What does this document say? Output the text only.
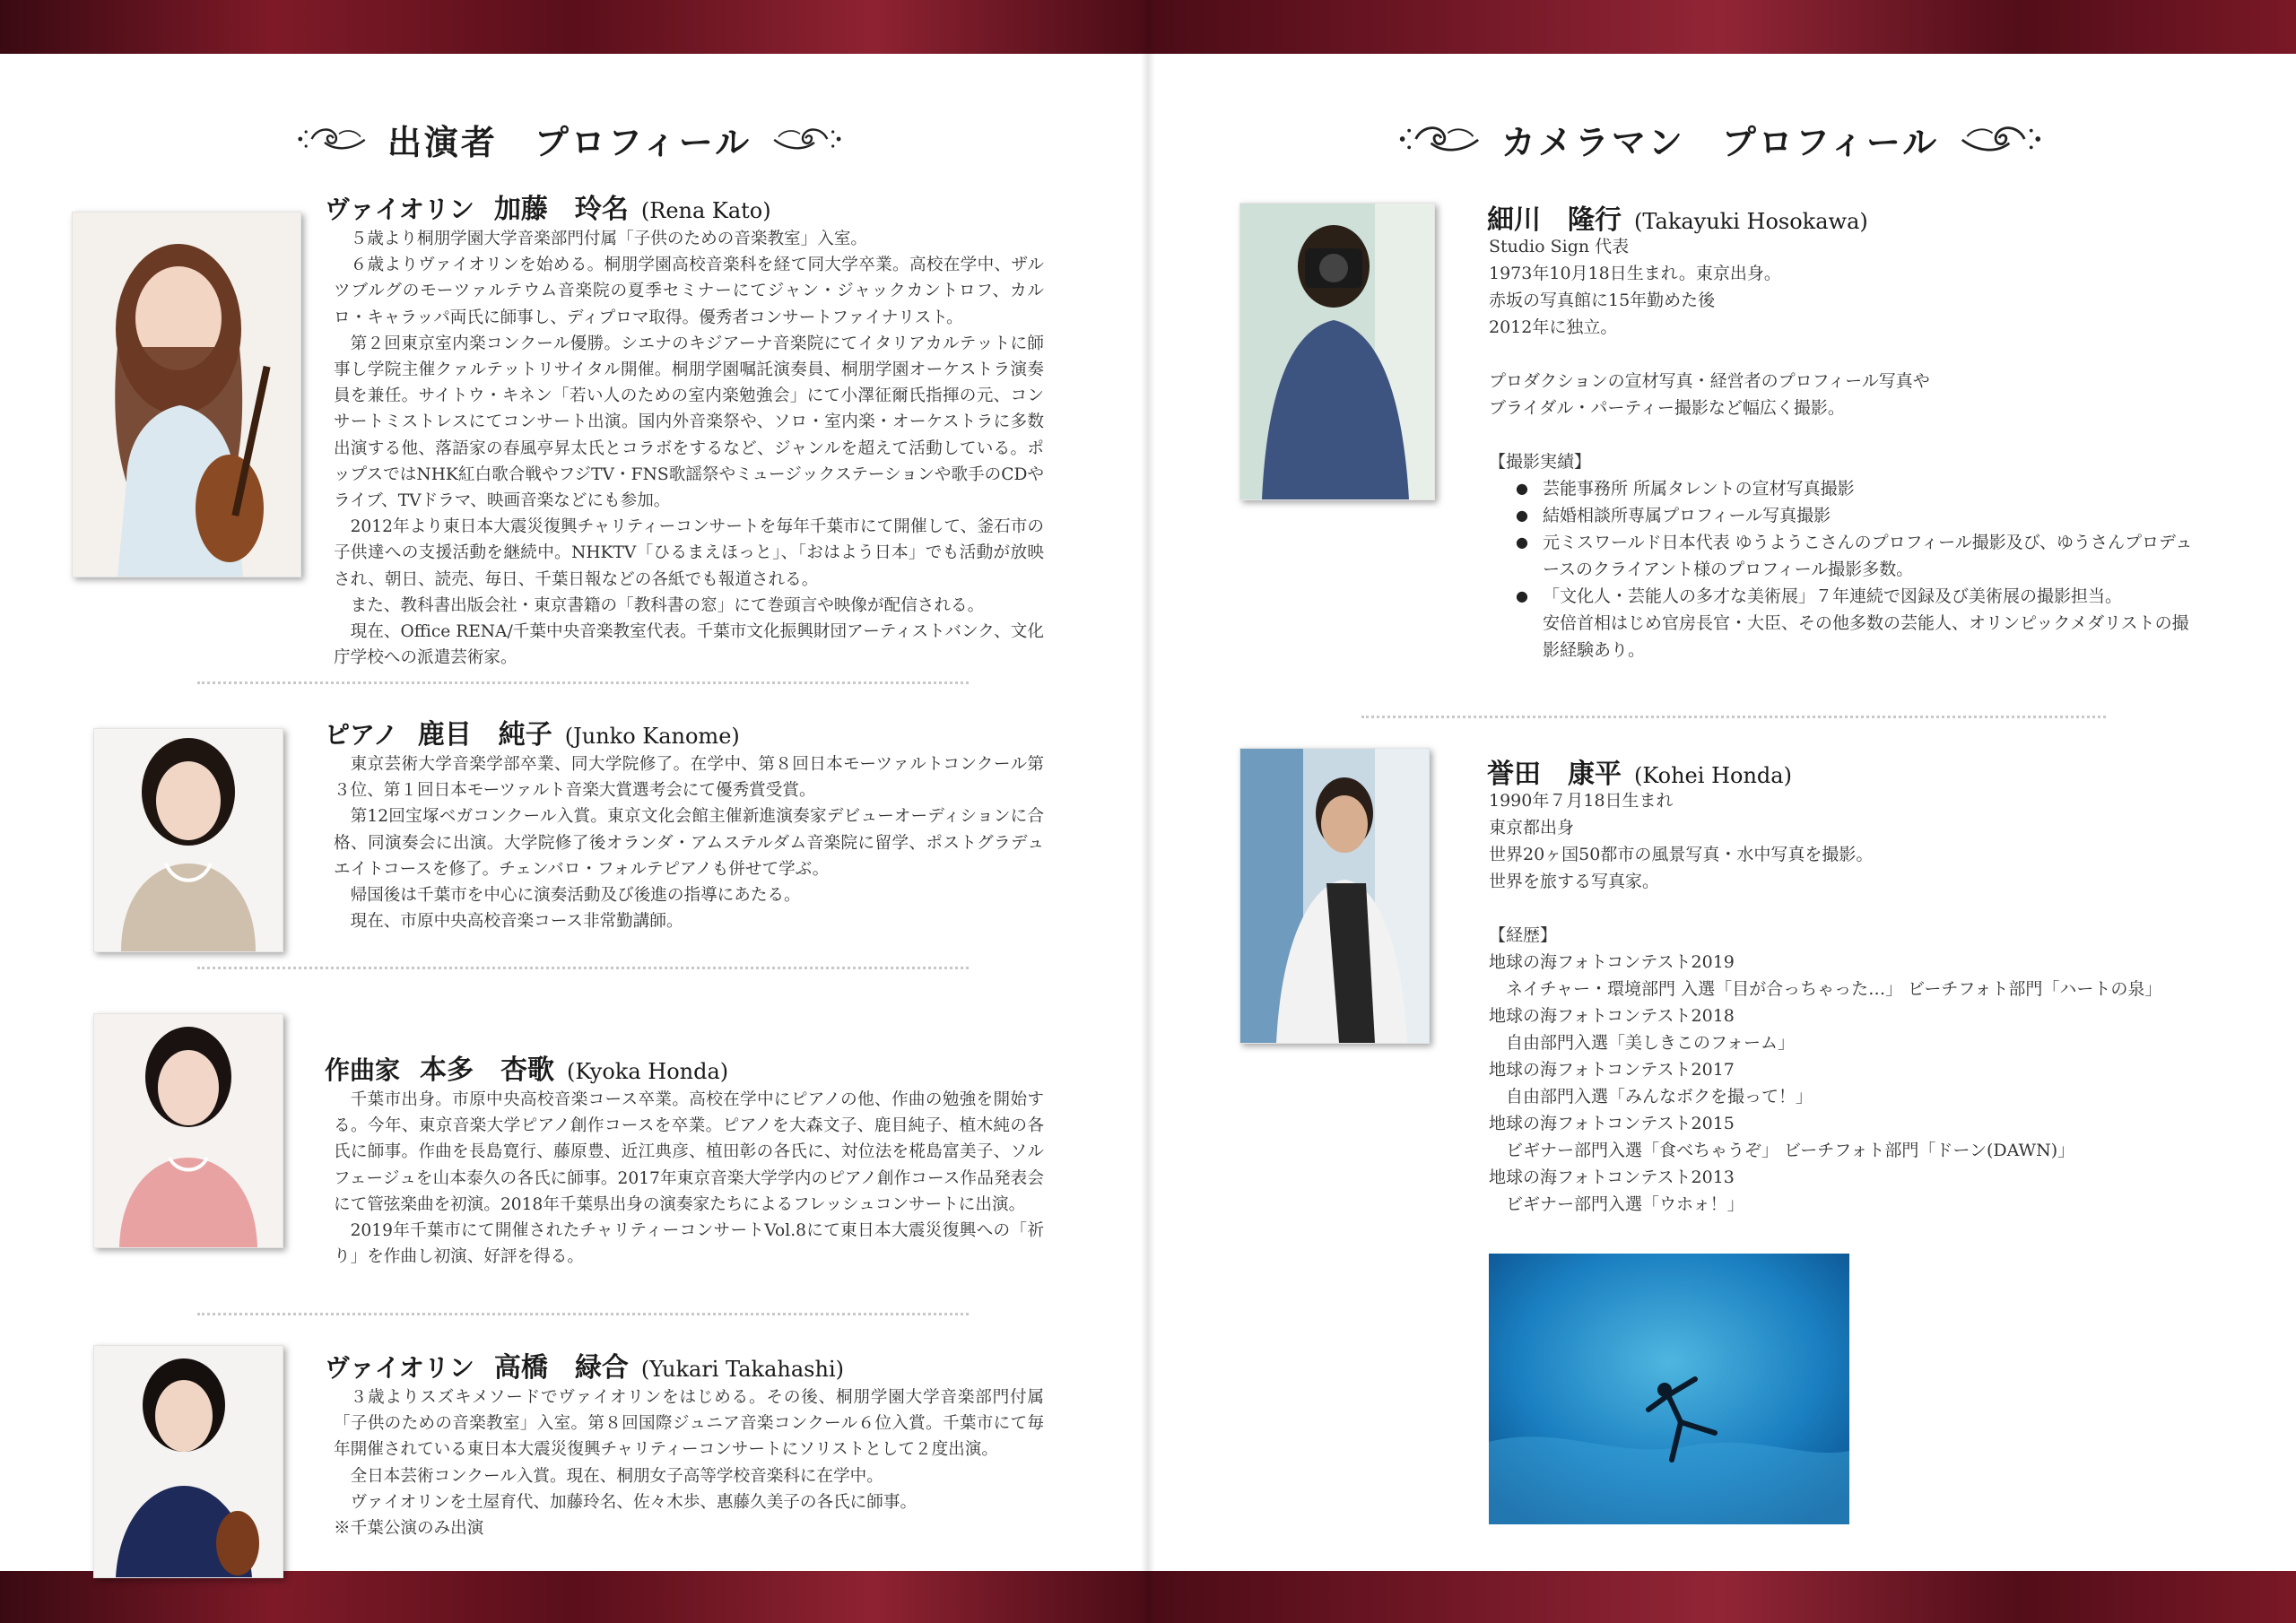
出演者　プロフィール
ヴァイオリン 加藤　玲名 (Rena Kato)

５歳より桐朋学園大学音楽部門付属「子供のための音楽教室」入室。

６歳よりヴァイオリンを始める。桐朋学園高校音楽科を経て同大学卒業。高校在学中、ザルツブルグのモーツァルテウム音楽院の夏季セミナーにてジャン・ジャックカントロフ、カルロ・キャラッパ両氏に師事し、ディプロマ取得。優秀者コンサートファイナリスト。

第２回東京室内楽コンクール優勝。シエナのキジアーナ音楽院にてイタリアカルテットに師事し学院主催クァルテットリサイタル開催。桐朋学園嘱託演奏員、桐朋学園オーケストラ演奏員を兼任。サイトウ・キネン「若い人のための室内楽勉強会」にて小澤征爾氏指揮の元、コンサートミストレスにてコンサート出演。国内外音楽祭や、ソロ・室内楽・オーケストラに多数出演する他、落語家の春風亭昇太氏とコラボをするなど、ジャンルを超えて活動している。ポップスではNHK紅白歌合戦やフジTV・FNS歌謡祭やミュージックステーションや歌手のCDやライブ、TVドラマ、映画音楽などにも参加。

2012年より東日本大震災復興チャリティーコンサートを毎年千葉市にて開催して、釜石市の子供達への支援活動を継続中。NHKTV「ひるまえほっと」、「おはよう日本」でも活動が放映され、朝日、読売、毎日、千葉日報などの各紙でも報道される。

また、教科書出版会社・東京書籍の「教科書の窓」にて巻頭言や映像が配信される。

現在、Office RENA/千葉中央音楽教室代表。千葉市文化振興財団アーティストバンク、文化庁学校への派遣芸術家。

ピアノ 鹿目　純子 (Junko Kanome)

東京芸術大学音楽学部卒業、同大学院修了。在学中、第８回日本モーツァルトコンクール第３位、第１回日本モーツァルト音楽大賞選考会にて優秀賞受賞。

第12回宝塚ベガコンクール入賞。東京文化会館主催新進演奏家デビューオーディションに合格、同演奏会に出演。大学院修了後オランダ・アムステルダム音楽院に留学、ポストグラデュエイトコースを修了。チェンバロ・フォルテピアノも併せて学ぶ。

帰国後は千葉市を中心に演奏活動及び後進の指導にあたる。

現在、市原中央高校音楽コース非常勤講師。

作曲家 本多　杏歌 (Kyoka Honda)

千葉市出身。市原中央高校音楽コース卒業。高校在学中にピアノの他、作曲の勉強を開始する。今年、東京音楽大学ピアノ創作コースを卒業。ピアノを大森文子、鹿目純子、植木純の各氏に師事。作曲を長島寛行、藤原豊、近江典彦、植田彰の各氏に、対位法を椛島富美子、ソルフェージュを山本泰久の各氏に師事。2017年東京音楽大学学内のピアノ創作コース作品発表会にて管弦楽曲を初演。2018年千葉県出身の演奏家たちによるフレッシュコンサートに出演。

2019年千葉市にて開催されたチャリティーコンサートVol.8にて東日本大震災復興への「祈り」を作曲し初演、好評を得る。

ヴァイオリン 高橋　緑合 (Yukari Takahashi)

３歳よりスズキメソードでヴァイオリンをはじめる。その後、桐朋学園大学音楽部門付属「子供のための音楽教室」入室。第８回国際ジュニア音楽コンクール６位入賞。千葉市にて毎年開催されている東日本大震災復興チャリティーコンサートにソリストとして２度出演。

全日本芸術コンクール入賞。現在、桐朋女子高等学校音楽科に在学中。

ヴァイオリンを土屋育代、加藤玲名、佐々木歩、惠藤久美子の各氏に師事。

※千葉公演のみ出演

カメラマン　プロフィール
細川　隆行 (Takayuki Hosokawa)
Studio Sign 代表
1973年10月18日生まれ。東京出身。
赤坂の写真館に15年勤めた後
2012年に独立。
プロダクションの宣材写真・経営者のプロフィール写真や
ブライダル・パーティー撮影など幅広く撮影。
【撮影実績】
● 芸能事務所 所属タレントの宣材写真撮影
● 結婚相談所専属プロフィール写真撮影
● 元ミスワールド日本代表 ゆうようこさんのプロフィール撮影及び、ゆうさんプロデュースのクライアント様のプロフィール撮影多数。
● 「文化人・芸能人の多才な美術展」７年連続で図録及び美術展の撮影担当。
安倍首相はじめ官房長官・大臣、その他多数の芸能人、オリンピックメダリストの撮影経験あり。
誉田　康平 (Kohei Honda)
1990年７月18日生まれ
東京都出身
世界20ヶ国50都市の風景写真・水中写真を撮影。
世界を旅する写真家。
【経歴】
地球の海フォトコンテスト2019
　ネイチャー・環境部門 入選「目が合っちゃった…」 ビーチフォト部門「ハートの泉」
地球の海フォトコンテスト2018
　自由部門入選「美しきこのフォーム」
地球の海フォトコンテスト2017
　自由部門入選「みんなボクを撮って！」
地球の海フォトコンテスト2015
　ビギナー部門入選「食べちゃうぞ」 ビーチフォト部門「ドーン(DAWN)」
地球の海フォトコンテスト2013
　ビギナー部門入選「ウホォ！」
